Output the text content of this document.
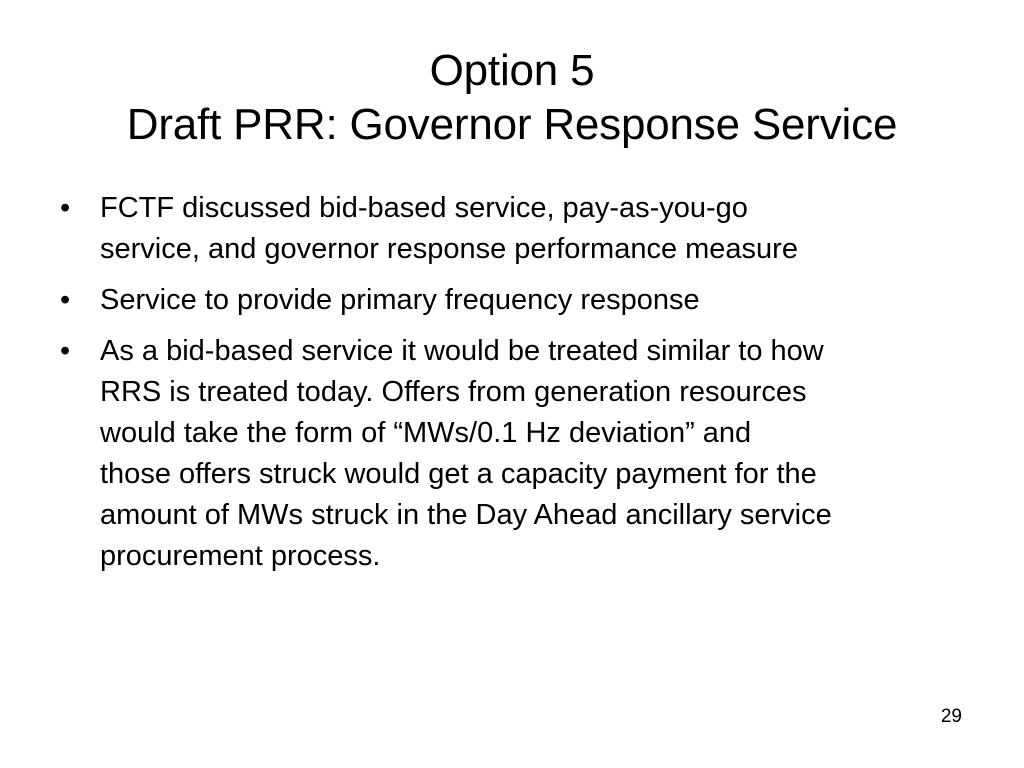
Option 5
Draft PRR: Governor Response Service
•	FCTF discussed bid-based service, pay-as-you-go
service, and governor response performance measure
•	Service to provide primary frequency response
•	As a bid-based service it would be treated similar to how
RRS is treated today. Offers from generation resources
would take the form of “MWs/0.1 Hz deviation” and
those offers struck would get a capacity payment for the
amount of MWs struck in the Day Ahead ancillary service
procurement process.
29
